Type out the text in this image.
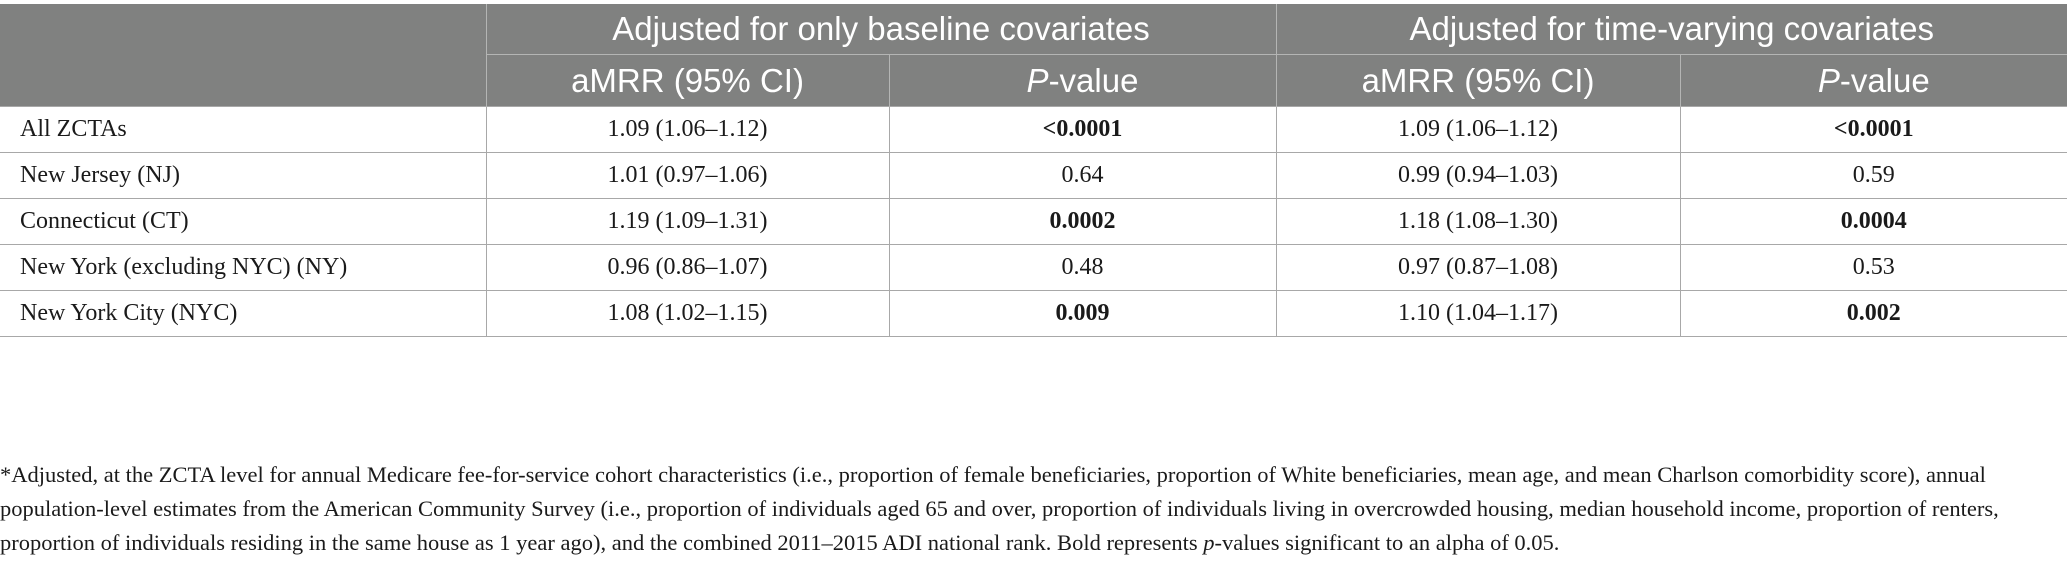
	Adjusted for only baseline covariates		Adjusted for time-varying covariates	
	aMRR (95% CI)	P-value	aMRR (95% CI)	P-value
All ZCTAs	1.09 (1.06–1.12)	<0.0001	1.09 (1.06–1.12)	<0.0001
New Jersey (NJ)	1.01 (0.97–1.06)	0.64	0.99 (0.94–1.03)	0.59
Connecticut (CT)	1.19 (1.09–1.31)	0.0002	1.18 (1.08–1.30)	0.0004
New York (excluding NYC) (NY)	0.96 (0.86–1.07)	0.48	0.97 (0.87–1.08)	0.53
New York City (NYC)	1.08 (1.02–1.15)	0.009	1.10 (1.04–1.17)	0.002

*Adjusted, at the ZCTA level for annual Medicare fee-for-service cohort characteristics (i.e., proportion of female beneficiaries, proportion of White beneficiaries, mean age, and mean Charlson comorbidity score), annual population-level estimates from the American Community Survey (i.e., proportion of individuals aged 65 and over, proportion of individuals living in overcrowded housing, median household income, proportion of renters, proportion of individuals residing in the same house as 1 year ago), and the combined 2011–2015 ADI national rank. Bold represents p-values significant to an alpha of 0.05.
